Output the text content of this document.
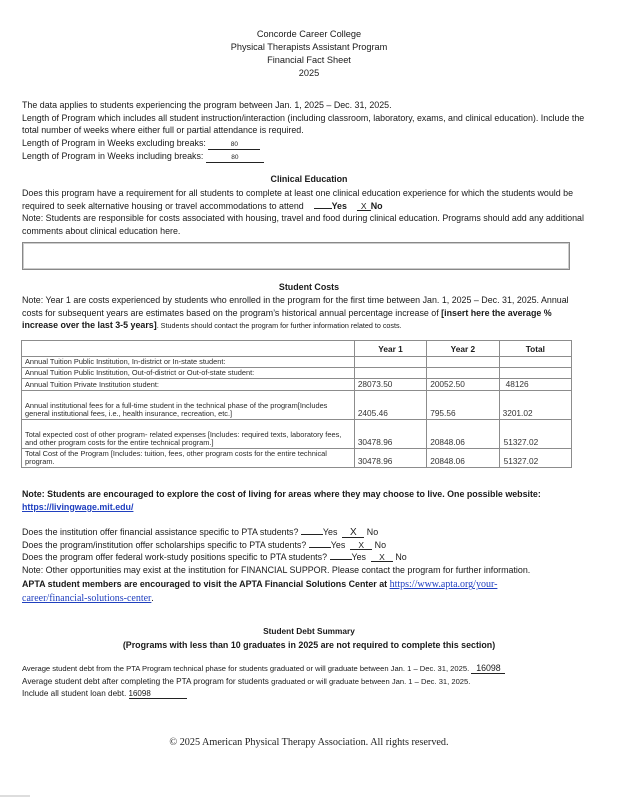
Concorde Career College
Physical Therapists Assistant Program
Financial Fact Sheet
2025
The data applies to students experiencing the program between Jan. 1, 2025 – Dec. 31, 2025.
Length of Program which includes all student instruction/interaction (including classroom, laboratory, exams, and clinical education). Include the total number of weeks where either full or partial attendance is required.
Length of Program in Weeks excluding breaks:	80
Length of Program in Weeks including breaks:	80
Clinical Education
Does this program have a requirement for all students to complete at least one clinical education experience for which the students would be required to seek alternative housing or travel accommodations to attend	Yes X No
Note: Students are responsible for costs associated with housing, travel and food during clinical education. Programs should add any additional comments about clinical education here.
Student Costs
Note: Year 1 are costs experienced by students who enrolled in the program for the first time between Jan. 1, 2025 – Dec. 31, 2025. Annual costs for subsequent years are estimates based on the program’s historical annual percentage increase of [insert here the average % increase over the last 3-5 years]. Students should contact the program for further information related to costs.
	Year 1	Year 2	Total
Annual Tuition Public Institution, In-district or In-state student:			
Annual Tuition Public Institution, Out-of-district or Out-of-state student:			
Annual Tuition Private Institution student:	28073.50	20052.50	48126
Annual institutional fees for a full-time student in the technical phase of the program[Includes general institutional fees, i.e., health insurance, recreation, etc.]	2405.46	795.56	3201.02
Total expected cost of other program- related expenses [Includes: required texts, laboratory fees, and other program costs for the entire technical program.]	30478.96	20848.06	51327.02
Total Cost of the Program [Includes: tuition, fees, other program costs for the entire technical program.	30478.96	20848.06	51327.02
Note: Students are encouraged to explore the cost of living for areas where they may choose to live. One possible website:
https://livingwage.mit.edu/
Does the institution offer financial assistance specific to PTA students?	Yes X No
Does the program/institution offer scholarships specific to PTA students?	Yes X No
Does the program offer federal work-study positions specific to PTA students?	Yes X No
Note: Other opportunities may exist at the institution for FINANCIAL SUPPOR. Please contact the program for further information.
APTA student members are encouraged to visit the APTA Financial Solutions Center at https://www.apta.org/your-
career/financial-solutions-center.
Student Debt Summary
(Programs with less than 10 graduates in 2025 are not required to complete this section)
Average student debt from the PTA Program technical phase for students graduated or will graduate between Jan. 1 – Dec. 31, 2025. 16098
Average student debt after completing the PTA program for students graduated or will graduate between Jan. 1 – Dec. 31, 2025.
Include all student loan debt. 16098
© 2025 American Physical Therapy Association. All rights reserved.
